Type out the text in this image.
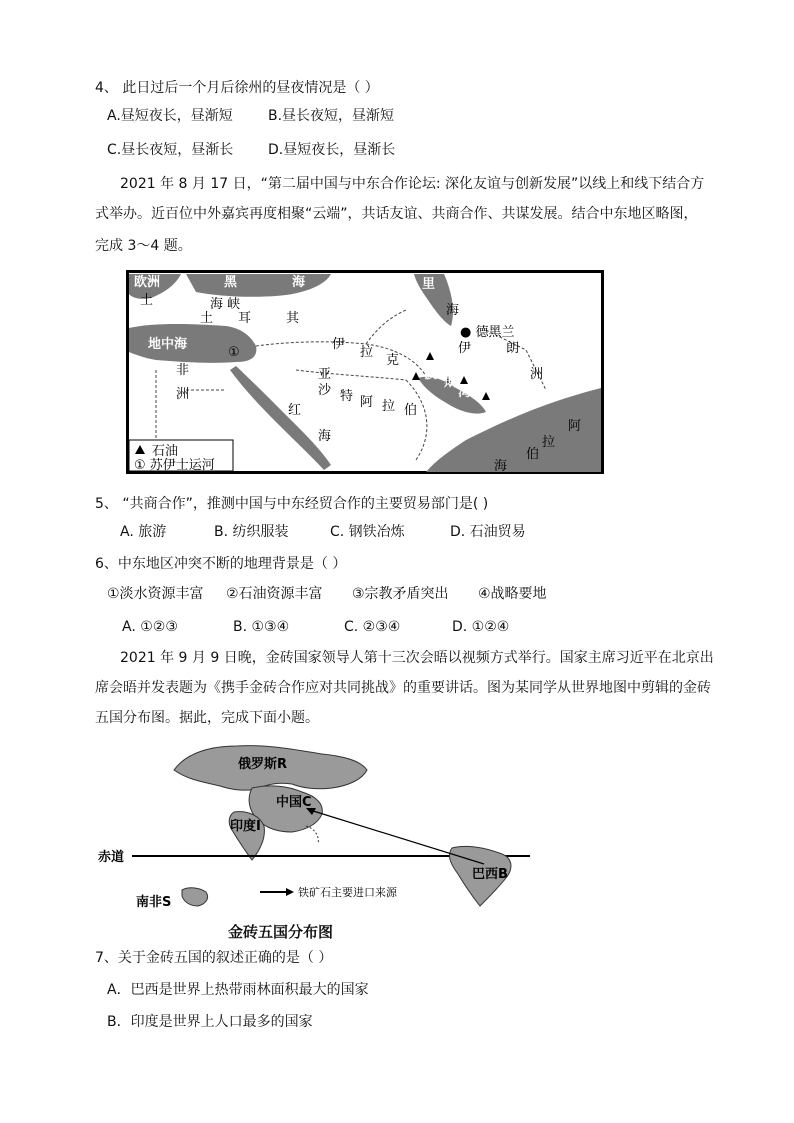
4、 此日过后一个月后徐州的昼夜情况是（ ）
A.昼短夜长，昼渐短	B.昼长夜短，昼渐短
C.昼长夜短，昼渐长 D.昼短夜长，昼渐长
2021 年 8 月 17 日，“第二届中国与中东合作论坛: 深化友谊与创新发展”以线上和线下结合方
式举办。近百位中外嘉宾再度相聚“云端”，共话友谊、共商合作、共谋发展。结合中东地区略图，
完成 3～4 题。
欧洲	黑	海	里
海
土	海 峡
土 耳	其
地中海
①
非
洲
● 德黑兰
伊	朗
伊
拉
克
亚	洲
波
斯
湾
沙 特 阿 拉 伯
红
海
阿
拉
伯
海
石油
① 苏伊士运河
5、 “共商合作”，推测中国与中东经贸合作的主要贸易部门是( )
A. 旅游	B. 纺织服装	C. 钢铁冶炼	D. 石油贸易
6、中东地区冲突不断的地理背景是（ ）
①淡水资源丰富 ②石油资源丰富 ③宗教矛盾突出 ④战略要地
A. ①②③	B. ①③④	C. ②③④	D. ①②④
2021 年 9 月 9 日晚，金砖国家领导人第十三次会晤以视频方式举行。国家主席习近平在北京出
席会晤并发表题为《携手金砖合作应对共同挑战》的重要讲话。图为某同学从世界地图中剪辑的金砖
五国分布图。据此，完成下面小题。
俄罗斯R
中国C
印度I
赤道
巴西B
南非S
铁矿石主要进口来源
金砖五国分布图
7、关于金砖五国的叙述正确的是（ ）
A．巴西是世界上热带雨林面积最大的国家
B．印度是世界上人口最多的国家
